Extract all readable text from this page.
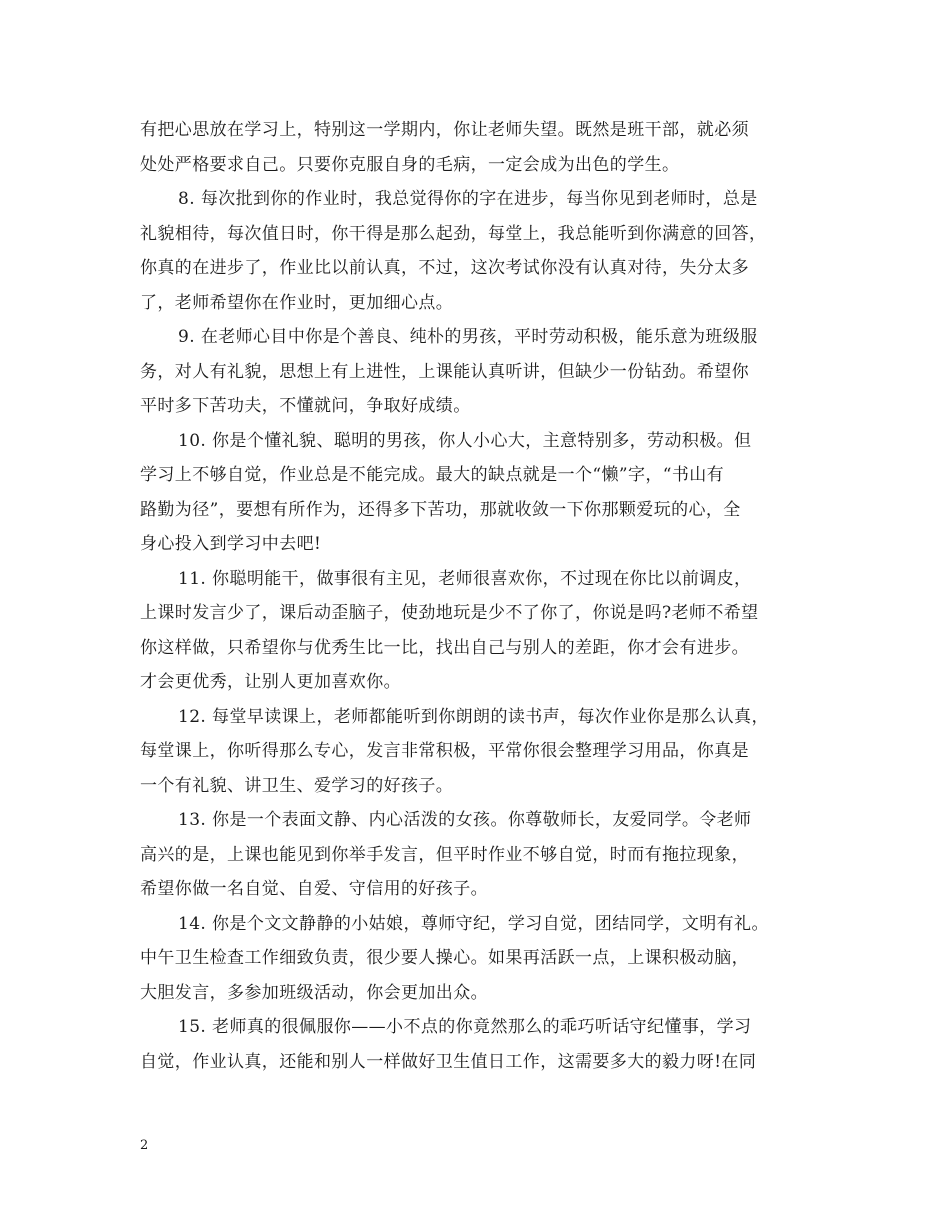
有把心思放在学习上，特别这一学期内，你让老师失望。既然是班干部，就必须
处处严格要求自己。只要你克服自身的毛病，一定会成为出色的学生。
8. 每次批到你的作业时，我总觉得你的字在进步，每当你见到老师时，总是
礼貌相待，每次值日时，你干得是那么起劲，每堂上，我总能听到你满意的回答，
你真的在进步了，作业比以前认真，不过，这次考试你没有认真对待，失分太多
了，老师希望你在作业时，更加细心点。
9. 在老师心目中你是个善良、纯朴的男孩，平时劳动积极，能乐意为班级服
务，对人有礼貌，思想上有上进性，上课能认真听讲，但缺少一份钻劲。希望你
平时多下苦功夫，不懂就问，争取好成绩。
10. 你是个懂礼貌、聪明的男孩，你人小心大，主意特别多，劳动积极。但
学习上不够自觉，作业总是不能完成。最大的缺点就是一个“懒”字，“书山有
路勤为径”，要想有所作为，还得多下苦功，那就收敛一下你那颗爱玩的心，全
身心投入到学习中去吧!
11. 你聪明能干，做事很有主见，老师很喜欢你，不过现在你比以前调皮，
上课时发言少了，课后动歪脑子，使劲地玩是少不了你了，你说是吗?老师不希望
你这样做，只希望你与优秀生比一比，找出自己与别人的差距，你才会有进步。
才会更优秀，让别人更加喜欢你。
12. 每堂早读课上，老师都能听到你朗朗的读书声，每次作业你是那么认真，
每堂课上，你听得那么专心，发言非常积极，平常你很会整理学习用品，你真是
一个有礼貌、讲卫生、爱学习的好孩子。
13. 你是一个表面文静、内心活泼的女孩。你尊敬师长，友爱同学。令老师
高兴的是，上课也能见到你举手发言，但平时作业不够自觉，时而有拖拉现象，
希望你做一名自觉、自爱、守信用的好孩子。
14. 你是个文文静静的小姑娘，尊师守纪，学习自觉，团结同学，文明有礼。
中午卫生检查工作细致负责，很少要人操心。如果再活跃一点，上课积极动脑，
大胆发言，多参加班级活动，你会更加出众。
15. 老师真的很佩服你——小不点的你竟然那么的乖巧听话守纪懂事，学习
自觉，作业认真，还能和别人一样做好卫生值日工作，这需要多大的毅力呀!在同
2
